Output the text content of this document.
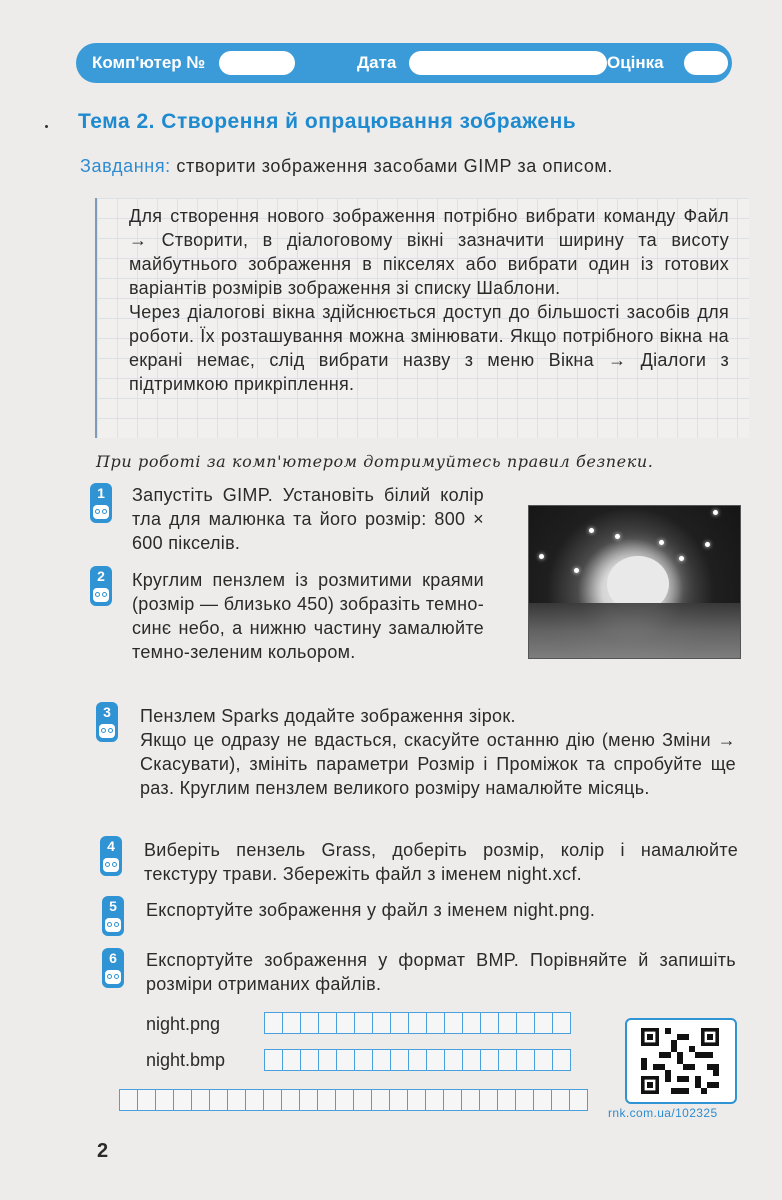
Комп'ютер №	Дата	Оцінка
Тема 2. Створення й опрацювання зображень
Завдання: створити зображення засобами GIMP за описом.

Для створення нового зображення потрібно вибрати команду Файл → Створити, в діалоговому вікні зазначити ширину та висоту майбутнього зображення в пікселях або вибрати один із готових варіантів розмірів зображення зі списку Шаблони.

Через діалогові вікна здійснюється доступ до більшості засобів для роботи. Їх розташування можна змінювати. Якщо потрібного вікна на екрані немає, слід вибрати назву з меню Вікна → Діалоги з підтримкою прикріплення.

При роботі за комп'ютером дотримуйтесь правил безпеки.
1	Запустіть GIMP. Установіть білий колір тла для малюнка та його розмір: 800 × 600 пікселів.
2	Круглим пензлем із розмитими краями (розмір — близько 450) зобразіть темно-синє небо, а нижню частину замалюйте темно-зеленим кольором.
3	Пензлем Sparks додайте зображення зірок.
Якщо це одразу не вдасться, скасуйте останню дію (меню Зміни → Скасувати), змініть параметри Розмір і Проміжок та спробуйте ще раз. Круглим пензлем великого розміру намалюйте місяць.
4	Виберіть пензель Grass, доберіть розмір, колір і намалюйте текстуру трави. Збережіть файл з іменем night.xcf.
5	Експортуйте зображення у файл з іменем night.png.
6	Експортуйте зображення у формат BMP. Порівняйте й запишіть розміри отриманих файлів.
night.png
night.bmp
rnk.com.ua/102325
2
